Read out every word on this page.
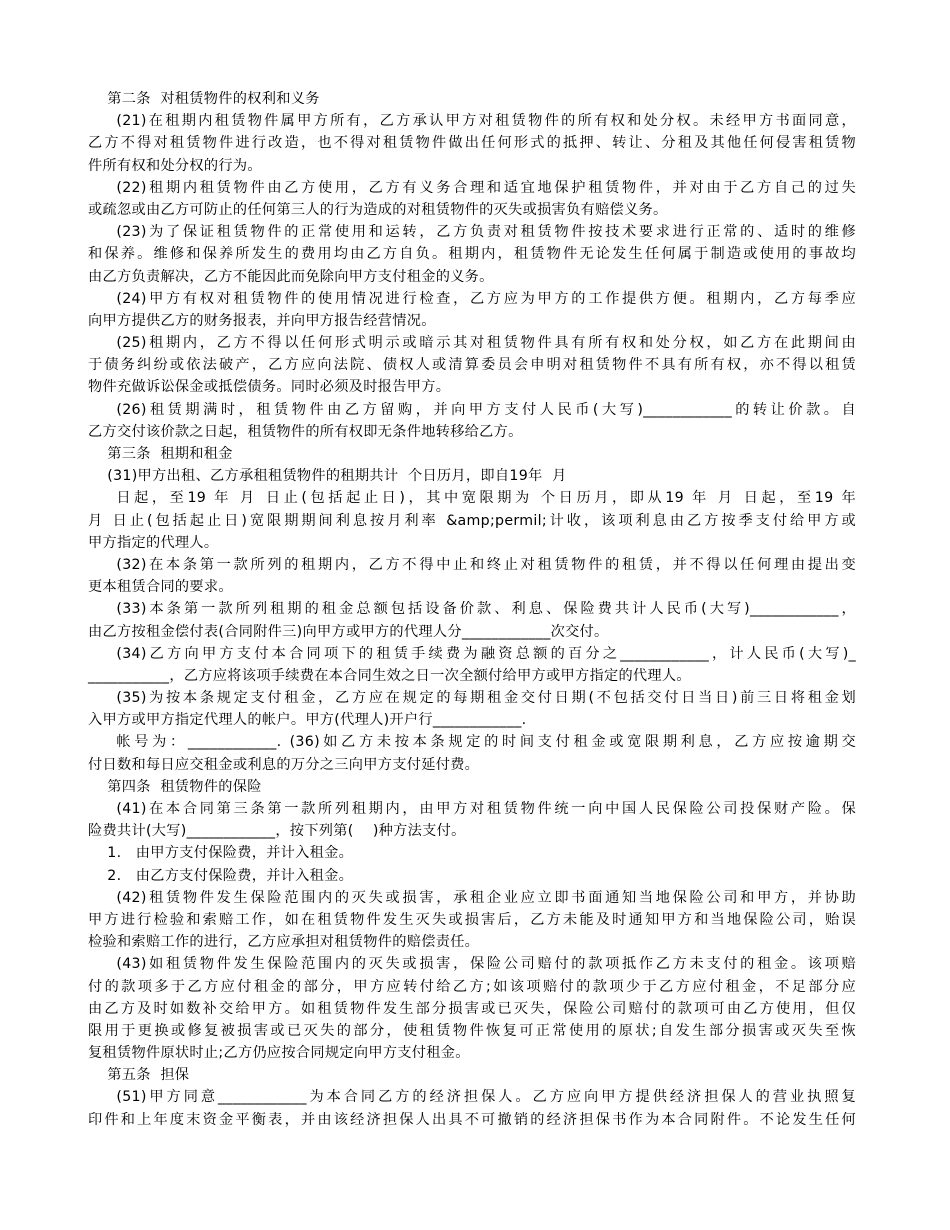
第二条  对租赁物件的权利和义务
(21)在租期内租赁物件属甲方所有，乙方承认甲方对租赁物件的所有权和处分权。未经甲方书面同意，
乙方不得对租赁物件进行改造，也不得对租赁物件做出任何形式的抵押、转让、分租及其他任何侵害租赁物
件所有权和处分权的行为。
(22)租期内租赁物件由乙方使用，乙方有义务合理和适宜地保护租赁物件，并对由于乙方自己的过失
或疏忽或由乙方可防止的任何第三人的行为造成的对租赁物件的灭失或损害负有赔偿义务。
(23)为了保证租赁物件的正常使用和运转，乙方负责对租赁物件按技术要求进行正常的、适时的维修
和保养。维修和保养所发生的费用均由乙方自负。租期内，租赁物件无论发生任何属于制造或使用的事故均
由乙方负责解决，乙方不能因此而免除向甲方支付租金的义务。
(24)甲方有权对租赁物件的使用情况进行检查，乙方应为甲方的工作提供方便。租期内，乙方每季应
向甲方提供乙方的财务报表，并向甲方报告经营情况。
(25)租期内，乙方不得以任何形式明示或暗示其对租赁物件具有所有权和处分权，如乙方在此期间由
于债务纠纷或依法破产，乙方应向法院、债权人或清算委员会申明对租赁物件不具有所有权，亦不得以租赁
物件充做诉讼保金或抵偿债务。同时必须及时报告甲方。
(26)租赁期满时，租赁物件由乙方留购，并向甲方支付人民币(大写)____________的转让价款。自
乙方交付该价款之日起，租赁物件的所有权即无条件地转移给乙方。
第三条  租期和租金
(31)甲方出租、乙方承租租赁物件的租期共计  个日历月，即自19年  月
日起，至19 年 月 日止(包括起止日)，其中宽限期为 个日历月，即从19 年 月 日起，至19 年
月 日止(包括起止日)宽限期期间利息按月利率 &amp;permil;计收，该项利息由乙方按季支付给甲方或
甲方指定的代理人。
(32)在本条第一款所列的租期内，乙方不得中止和终止对租赁物件的租赁，并不得以任何理由提出变
更本租赁合同的要求。
(33)本条第一款所列租期的租金总额包括设备价款、利息、保险费共计人民币(大写)____________，
由乙方按租金偿付表(合同附件三)向甲方或甲方的代理人分____________次交付。
(34)乙方向甲方支付本合同项下的租赁手续费为融资总额的百分之____________，计人民币(大写)_
___________，乙方应将该项手续费在本合同生效之日一次全额付给甲方或甲方指定的代理人。
(35)为按本条规定支付租金，乙方应在规定的每期租金交付日期(不包括交付日当日)前三日将租金划
入甲方或甲方指定代理人的帐户。甲方(代理人)开户行____________.
帐号为：____________. (36)如乙方未按本条规定的时间支付租金或宽限期利息，乙方应按逾期交
付日数和每日应交租金或利息的万分之三向甲方支付延付费。
第四条  租赁物件的保险
(41)在本合同第三条第一款所列租期内，由甲方对租赁物件统一向中国人民保险公司投保财产险。保
险费共计(大写)____________，按下列第(    )种方法支付。
1.   由甲方支付保险费，并计入租金。
2.   由乙方支付保险费，并计入租金。
(42)租赁物件发生保险范围内的灭失或损害，承租企业应立即书面通知当地保险公司和甲方，并协助
甲方进行检验和索赔工作，如在租赁物件发生灭失或损害后，乙方未能及时通知甲方和当地保险公司，贻误
检验和索赔工作的进行，乙方应承担对租赁物件的赔偿责任。
(43)如租赁物件发生保险范围内的灭失或损害，保险公司赔付的款项抵作乙方未支付的租金。该项赔
付的款项多于乙方应付租金的部分，甲方应转付给乙方;如该项赔付的款项少于乙方应付租金，不足部分应
由乙方及时如数补交给甲方。如租赁物件发生部分损害或已灭失，保险公司赔付的款项可由乙方使用，但仅
限用于更换或修复被损害或已灭失的部分，使租赁物件恢复可正常使用的原状;自发生部分损害或灭失至恢
复租赁物件原状时止;乙方仍应按合同规定向甲方支付租金。
第五条  担保
(51)甲方同意____________为本合同乙方的经济担保人。乙方应向甲方提供经济担保人的营业执照复
印件和上年度末资金平衡表，并由该经济担保人出具不可撤销的经济担保书作为本合同附件。不论发生任何
